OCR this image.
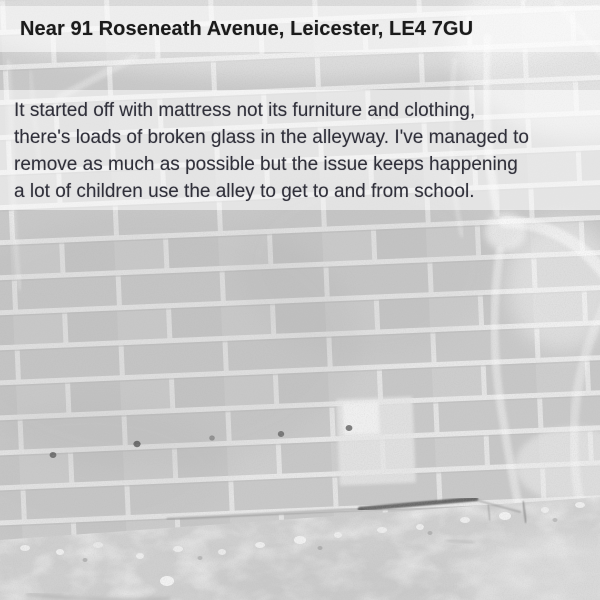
Near 91 Roseneath Avenue, Leicester, LE4 7GU

It started off with mattress not its furniture and clothing,
there's loads of broken glass in the alleyway. I've managed to
remove as much as possible but the issue keeps happening
a lot of children use the alley to get to and from school.
